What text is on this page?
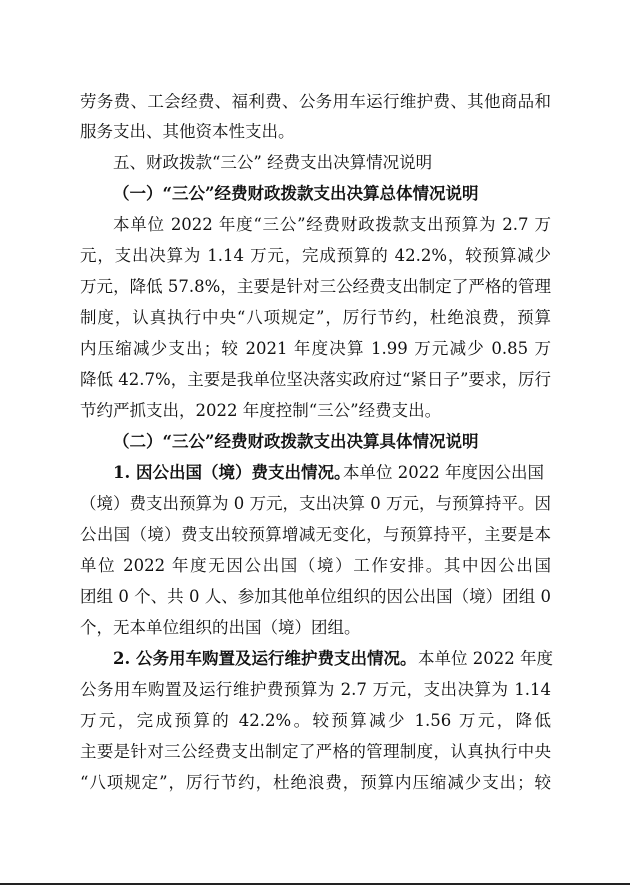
劳务费、工会经费、福利费、公务用车运行维护费、其他商品和
服务支出、其他资本性支出。
五、财政拨款“三公” 经费支出决算情况说明
（一）“三公”经费财政拨款支出决算总体情况说明
本单位 2022 年度“三公”经费财政拨款支出预算为 2.7 万
元，支出决算为 1.14 万元，完成预算的 42.2%，较预算减少
万元，降低 57.8%，主要是针对三公经费支出制定了严格的管理
制度，认真执行中央“八项规定”，厉行节约，杜绝浪费，预算
内压缩减少支出；较 2021 年度决算 1.99 万元减少 0.85 万
降低 42.7%，主要是我单位坚决落实政府过“紧日子”要求，厉行
节约严抓支出，2022 年度控制“三公”经费支出。
（二）“三公”经费财政拨款支出决算具体情况说明
1. 因公出国（境）费支出情况。
本单位 2022 年度因公出国
（境）费支出预算为 0 万元，支出决算 0 万元，与预算持平。因
公出国（境）费支出较预算增减无变化，与预算持平，主要是本
单位 2022 年度无因公出国（境）工作安排。其中因公出国
团组 0 个、共 0 人、参加其他单位组织的因公出国（境）团组 0
个，无本单位组织的出国（境）团组。
2. 公务用车购置及运行维护费支出情况。 本单位 2022 年度
公务用车购置及运行维护费预算为 2.7 万元，支出决算为 1.14
万元，完成预算的 42.2%。较预算减少 1.56 万元，降低
主要是针对三公经费支出制定了严格的管理制度，认真执行中央
“八项规定”，厉行节约，杜绝浪费，预算内压缩减少支出；较
